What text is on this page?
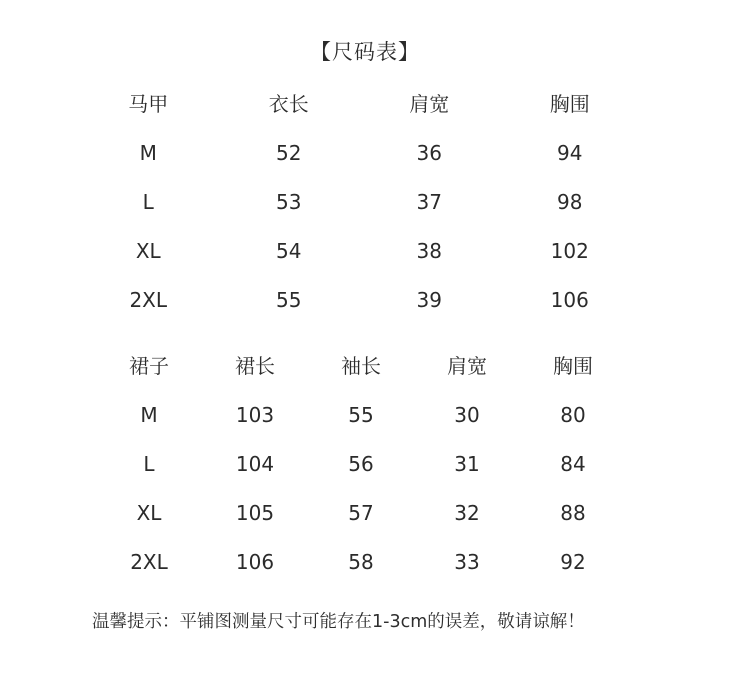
【尺码表】
马甲	衣长	肩宽	胸围
M	52	36	94
L	53	37	98
XL	54	38	102
2XL	55	39	106
裙子	裙长	袖长	肩宽	胸围
M	103	55	30	80
L	104	56	31	84
XL	105	57	32	88
2XL	106	58	33	92
温馨提示：平铺图测量尺寸可能存在1-3cm的误差，敬请谅解！
